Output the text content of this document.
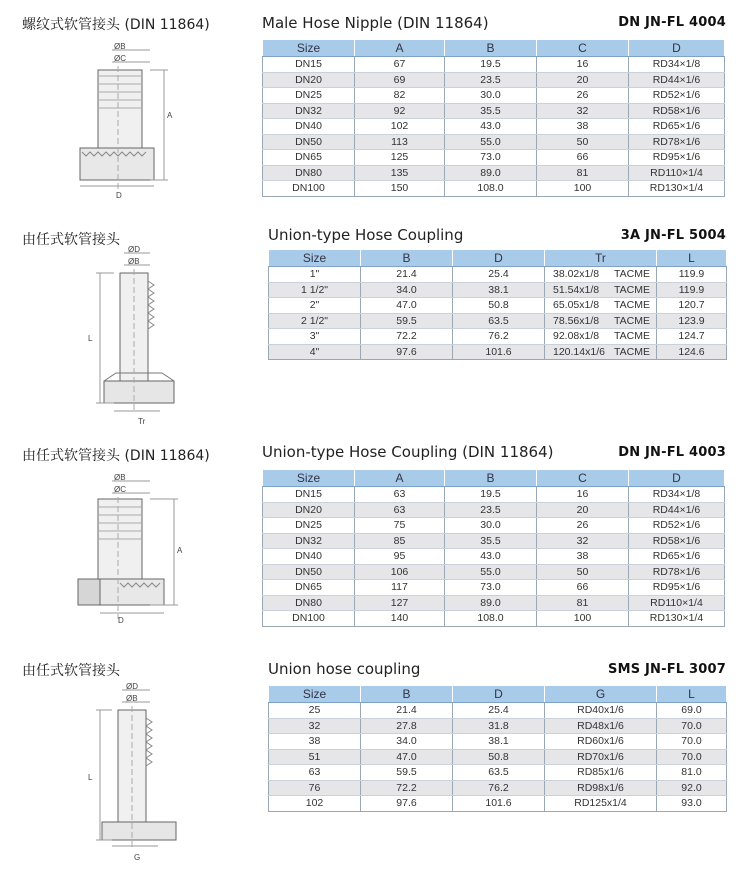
螺纹式软管接头 (DIN 11864)	Male Hose Nipple (DIN 11864)	DN JN-FL 4004
ØB
ØC
A
D
Size	A	B	C	D
DN15	67	19.5	16	RD34×1/8
DN20	69	23.5	20	RD44×1/6
DN25	82	30.0	26	RD52×1/6
DN32	92	35.5	32	RD58×1/6
DN40	102	43.0	38	RD65×1/6
DN50	113	55.0	50	RD78×1/6
DN65	125	73.0	66	RD95×1/6
DN80	135	89.0	81	RD110×1/4
DN100	150	108.0	100	RD130×1/4
由任式软管接头	Union-type Hose Coupling	3A JN-FL 5004
ØD
ØB
L
Tr
Size	B	D	Tr	L
1"	21.4	25.4	38.02x1/8 TACME	119.9
1 1/2"	34.0	38.1	51.54x1/8 TACME	119.9
2"	47.0	50.8	65.05x1/8 TACME	120.7
2 1/2"	59.5	63.5	78.56x1/8 TACME	123.9
3"	72.2	76.2	92.08x1/8 TACME	124.7
4"	97.6	101.6	120.14x1/6 TACME	124.6
由任式软管接头 (DIN 11864)	Union-type Hose Coupling (DIN 11864)	DN JN-FL 4003
ØB
ØC
A
D
Size	A	B	C	D
DN15	63	19.5	16	RD34×1/8
DN20	63	23.5	20	RD44×1/6
DN25	75	30.0	26	RD52×1/6
DN32	85	35.5	32	RD58×1/6
DN40	95	43.0	38	RD65×1/6
DN50	106	55.0	50	RD78×1/6
DN65	117	73.0	66	RD95×1/6
DN80	127	89.0	81	RD110×1/4
DN100	140	108.0	100	RD130×1/4
由任式软管接头	Union hose coupling	SMS JN-FL 3007
ØD
ØB
L
G
Size	B	D	G	L
25	21.4	25.4	RD40x1/6	69.0
32	27.8	31.8	RD48x1/6	70.0
38	34.0	38.1	RD60x1/6	70.0
51	47.0	50.8	RD70x1/6	70.0
63	59.5	63.5	RD85x1/6	81.0
76	72.2	76.2	RD98x1/6	92.0
102	97.6	101.6	RD125x1/4	93.0
